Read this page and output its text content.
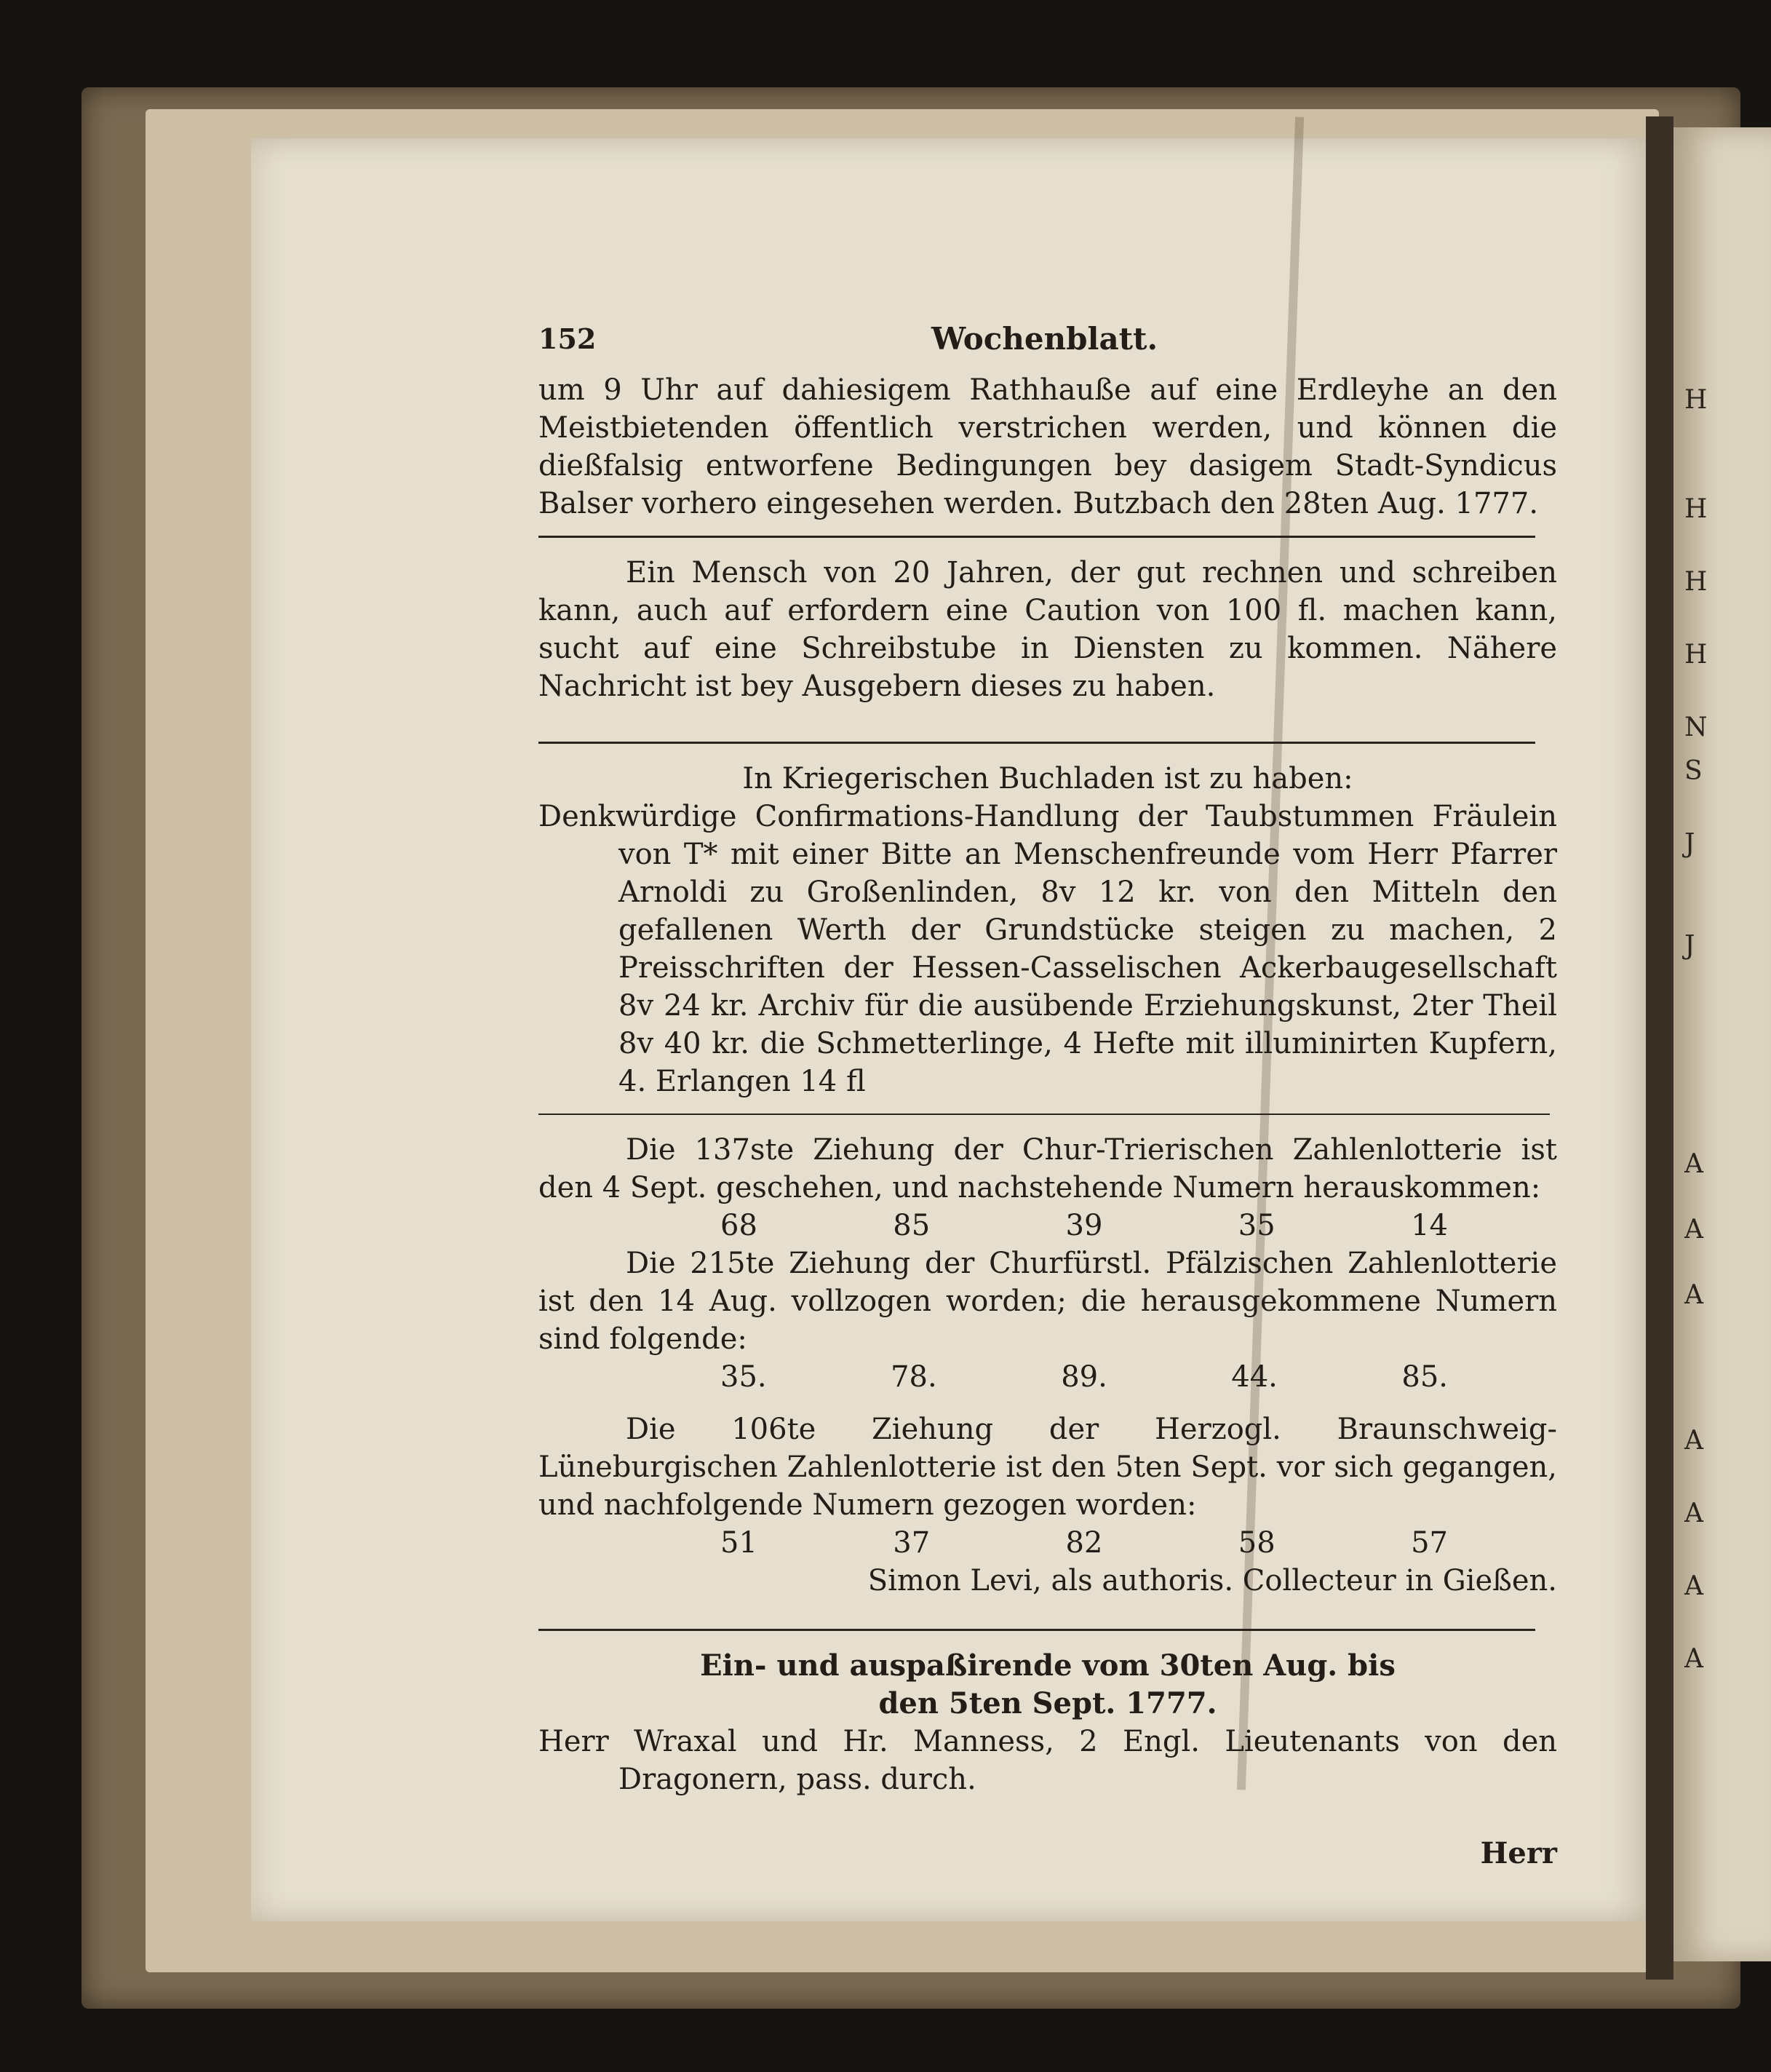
152	Wochenblatt.

um 9 Uhr auf dahiesigem Rathhauße auf eine Erdleyhe an den Meistbietenden öffentlich verstrichen werden, und können die dießfalsig entworfene Bedingungen bey dasigem Stadt-Syndicus Balser vorhero eingesehen werden. Butzbach den 28ten Aug. 1777.

Ein Mensch von 20 Jahren, der gut rechnen und schreiben kann, auch auf erfordern eine Caution von 100 fl. machen kann, sucht auf eine Schreibstube in Diensten zu kommen. Nähere Nachricht ist bey Ausgebern dieses zu haben.

In Kriegerischen Buchladen ist zu haben:

Denkwürdige Confirmations-Handlung der Taubstummen Fräulein von T* mit einer Bitte an Menschenfreunde vom Herr Pfarrer Arnoldi zu Großenlinden, 8v 12 kr. von den Mitteln den gefallenen Werth der Grundstücke steigen zu machen, 2 Preisschriften der Hessen-Casselischen Ackerbaugesellschaft 8v 24 kr. Archiv für die ausübende Erziehungskunst, 2ter Theil 8v 40 kr. die Schmetterlinge, 4 Hefte mit illuminirten Kupfern, 4. Erlangen 14 fl

Die 137ste Ziehung der Chur-Trierischen Zahlenlotterie ist den 4 Sept. geschehen, und nachstehende Numern herauskommen:

68	85	39	35	14

Die 215te Ziehung der Churfürstl. Pfälzischen Zahlenlotterie ist den 14 Aug. vollzogen worden; die herausgekommene Numern sind folgende:

35.	78.	89.	44.	85.

Die 106te Ziehung der Herzogl. Braunschweig-Lüneburgischen Zahlenlotterie ist den 5ten Sept. vor sich gegangen, und nachfolgende Numern gezogen worden:

51	37	82	58	57

Simon Levi, als authoris. Collecteur in Gießen.

Ein- und auspaßirende vom 30ten Aug. bis

den 5ten Sept. 1777.

Herr Wraxal und Hr. Manness, 2 Engl. Lieutenants von den Dragonern, pass. durch.

Herr

H
H
H
H
N
S
J
J
A
A
A
A
A
A
A
